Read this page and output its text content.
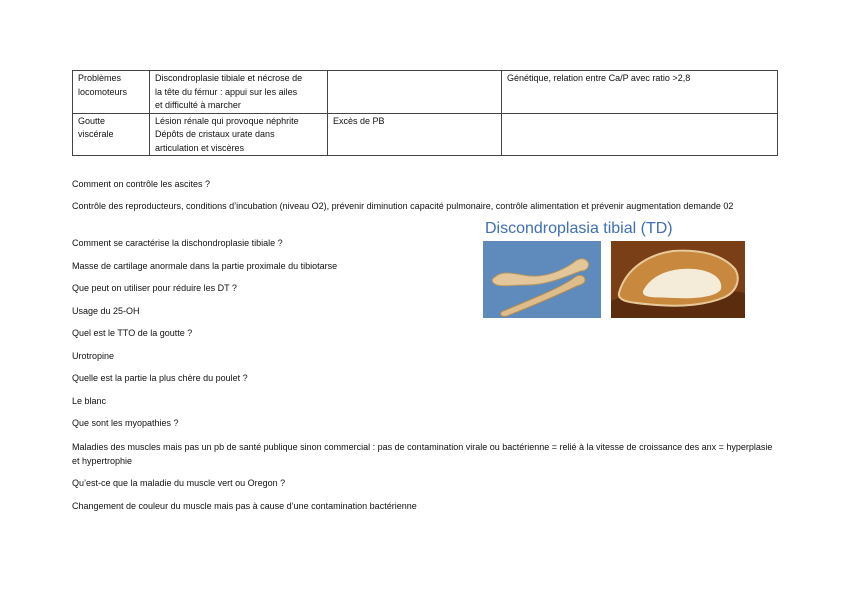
Problèmes
locomoteurs	Discondroplasie tibiale et nécrose de
la tête du fémur : appui sur les ailes
et difficulté à marcher		Génétique, relation entre Ca/P avec ratio >2,8

Goutte
viscérale	Lésion rénale qui provoque néphrite
Dépôts de cristaux urate dans
articulation et viscères	Excès de PB	

Comment on contrôle les ascites ?

Contrôle des reproducteurs, conditions d’incubation (niveau O2), prévenir diminution capacité pulmonaire, contrôle alimentation et prévenir augmentation demande 02

Comment se caractérise la dischondroplasie tibiale ?

Masse de cartilage anormale dans la partie proximale du tibiotarse

Que peut on utiliser pour réduire les DT ?

Usage du 25-OH

Quel est le TTO de la goutte ?

Urotropine

Quelle est la partie la plus chère du poulet ?

Le blanc

Que sont les myopathies ?

Maladies des muscles mais pas un pb de santé publique sinon commercial : pas de contamination virale ou bactérienne = relié à la vitesse de croissance des anx = hyperplasie et hypertrophie

Qu’est-ce que la maladie du muscle vert ou Oregon ?

Changement de couleur du muscle mais pas à cause d’une contamination bactérienne

Discondroplasia tibial (TD)
